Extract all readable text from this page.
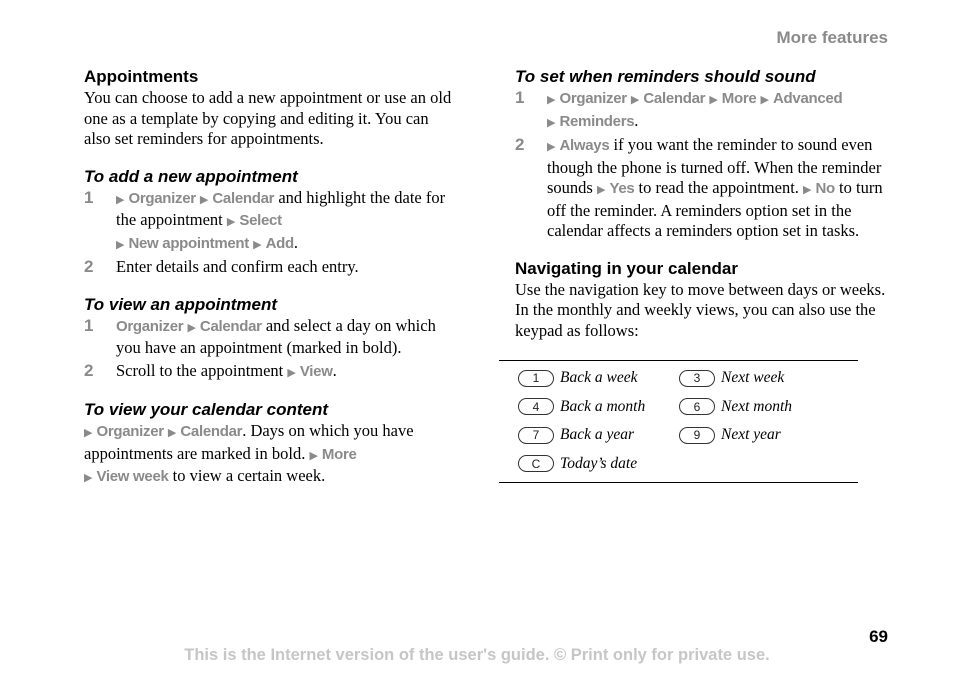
More features
Appointments

You can choose to add a new appointment or use an old one as a template by copying and editing it. You can also set reminders for appointments.

To add a new appointment
1 ▶ Organizer ▶ Calendar and highlight the date for the appointment ▶ Select
▶ New appointment ▶ Add.
2 Enter details and confirm each entry.
To view an appointment
1 Organizer ▶ Calendar and select a day on which you have an appointment (marked in bold).
2 Scroll to the appointment ▶ View.
To view your calendar content

▶ Organizer ▶ Calendar. Days on which you have appointments are marked in bold. ▶ More
▶ View week to view a certain week.

To set when reminders should sound
1 ▶ Organizer ▶ Calendar ▶ More ▶ Advanced
▶ Reminders.
2 ▶ Always if you want the reminder to sound even though the phone is turned off. When the reminder sounds ▶ Yes to read the appointment. ▶ No to turn off the reminder. A reminders option set in the calendar affects a reminders option set in tasks.
Navigating in your calendar

Use the navigation key to move between days or weeks. In the monthly and weekly views, you can also use the keypad as follows:

1	Back a week	3	Next week
4	Back a month	6	Next month
7	Back a year	9	Next year
C	Today’s date
69
This is the Internet version of the user's guide. © Print only for private use.
